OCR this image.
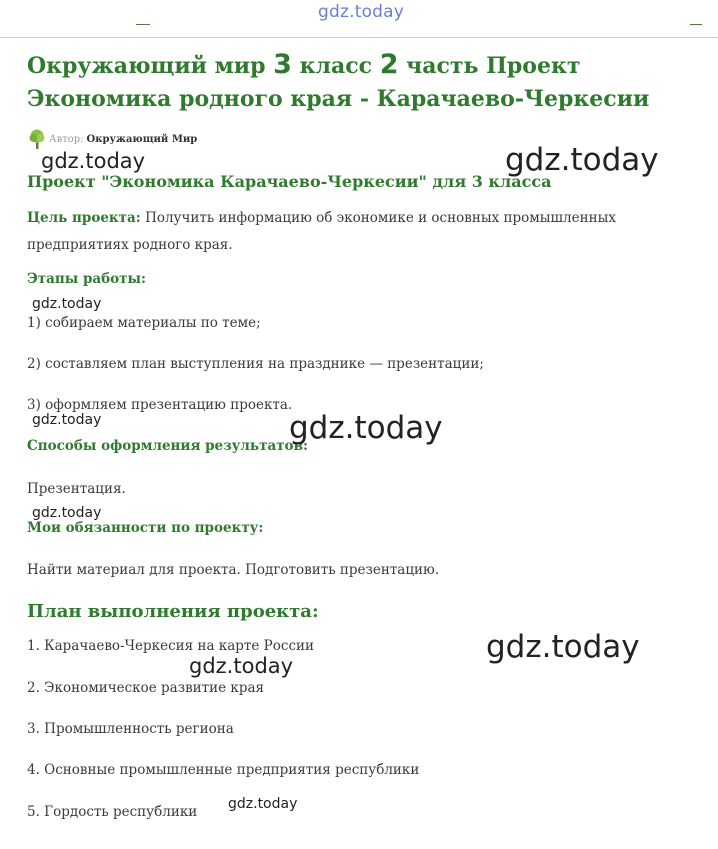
gdz.today
Окружающий мир 3 класс 2 часть Проект
Экономика родного края - Карачаево-Черкесии
Автор: Окружающий Мир
Проект "Экономика Карачаево-Черкесии" для 3 класса
Цель проекта: Получить информацию об экономике и основных промышленных предприятиях родного края.
Этапы работы:
1) собираем материалы по теме;
2) составляем план выступления на празднике — презентации;
3) оформляем презентацию проекта.
Способы оформления результатов:
Презентация.
Мои обязанности по проекту:
Найти материал для проекта. Подготовить презентацию.
План выполнения проекта:
1. Карачаево-Черкесия на карте России
2. Экономическое развитие края
3. Промышленность региона
4. Основные промышленные предприятия республики
5. Гордость республики
gdz.today	gdz.today
gdz.today
gdz.today	gdz.today
gdz.today
gdz.today
gdz.today
gdz.today
